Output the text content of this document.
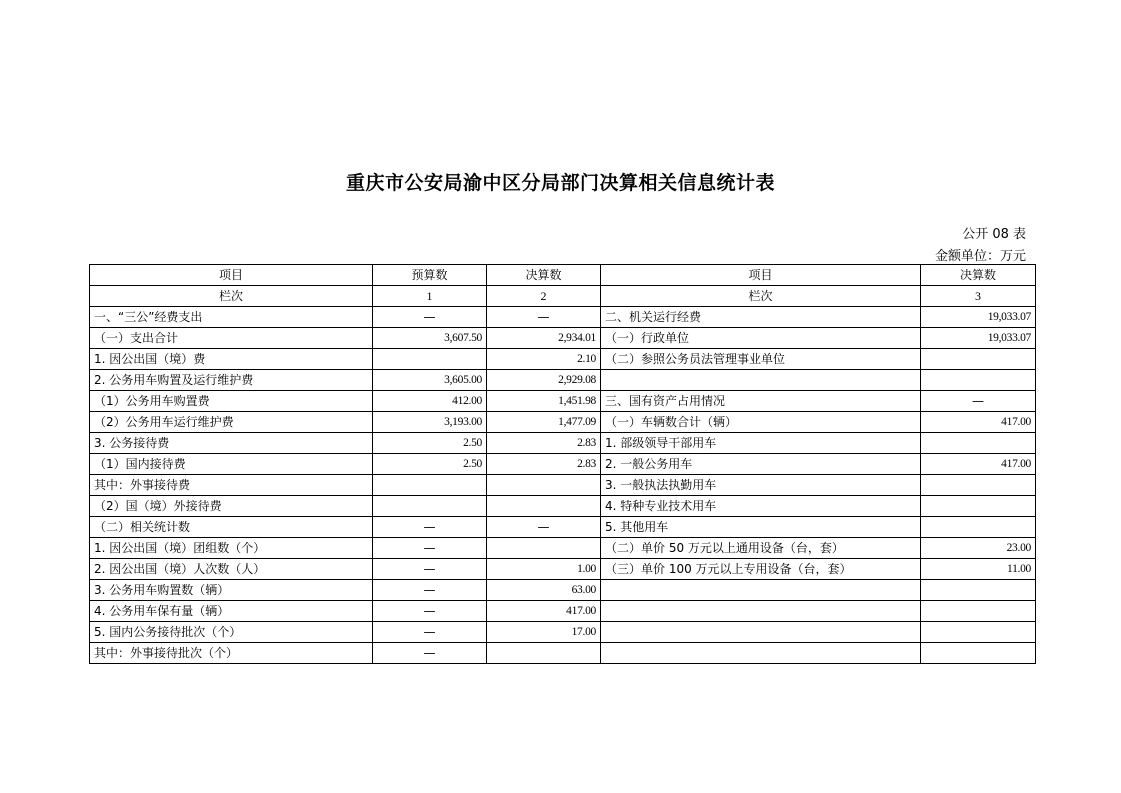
重庆市公安局渝中区分局部门决算相关信息统计表
公开 08 表
金额单位：万元
项目	预算数	决算数	项目	决算数
栏次	1	2	栏次	3
一、“三公”经费支出	—	—	二、机关运行经费	19,033.07
（一）支出合计	3,607.50	2,934.01	（一）行政单位	19,033.07
1. 因公出国（境）费		2.10	（二）参照公务员法管理事业单位	
2. 公务用车购置及运行维护费	3,605.00	2,929.08		
（1）公务用车购置费	412.00	1,451.98	三、国有资产占用情况	—
（2）公务用车运行维护费	3,193.00	1,477.09	（一）车辆数合计（辆）	417.00
3. 公务接待费	2.50	2.83	1. 部级领导干部用车	
（1）国内接待费	2.50	2.83	2. 一般公务用车	417.00
其中：外事接待费			3. 一般执法执勤用车	
（2）国（境）外接待费			4. 特种专业技术用车	
（二）相关统计数	—	—	5. 其他用车	
1. 因公出国（境）团组数（个）	—		（二）单价 50 万元以上通用设备（台，套）	23.00
2. 因公出国（境）人次数（人）	—	1.00	（三）单价 100 万元以上专用设备（台，套）	11.00
3. 公务用车购置数（辆）	—	63.00		
4. 公务用车保有量（辆）	—	417.00		
5. 国内公务接待批次（个）	—	17.00		
其中：外事接待批次（个）	—			
